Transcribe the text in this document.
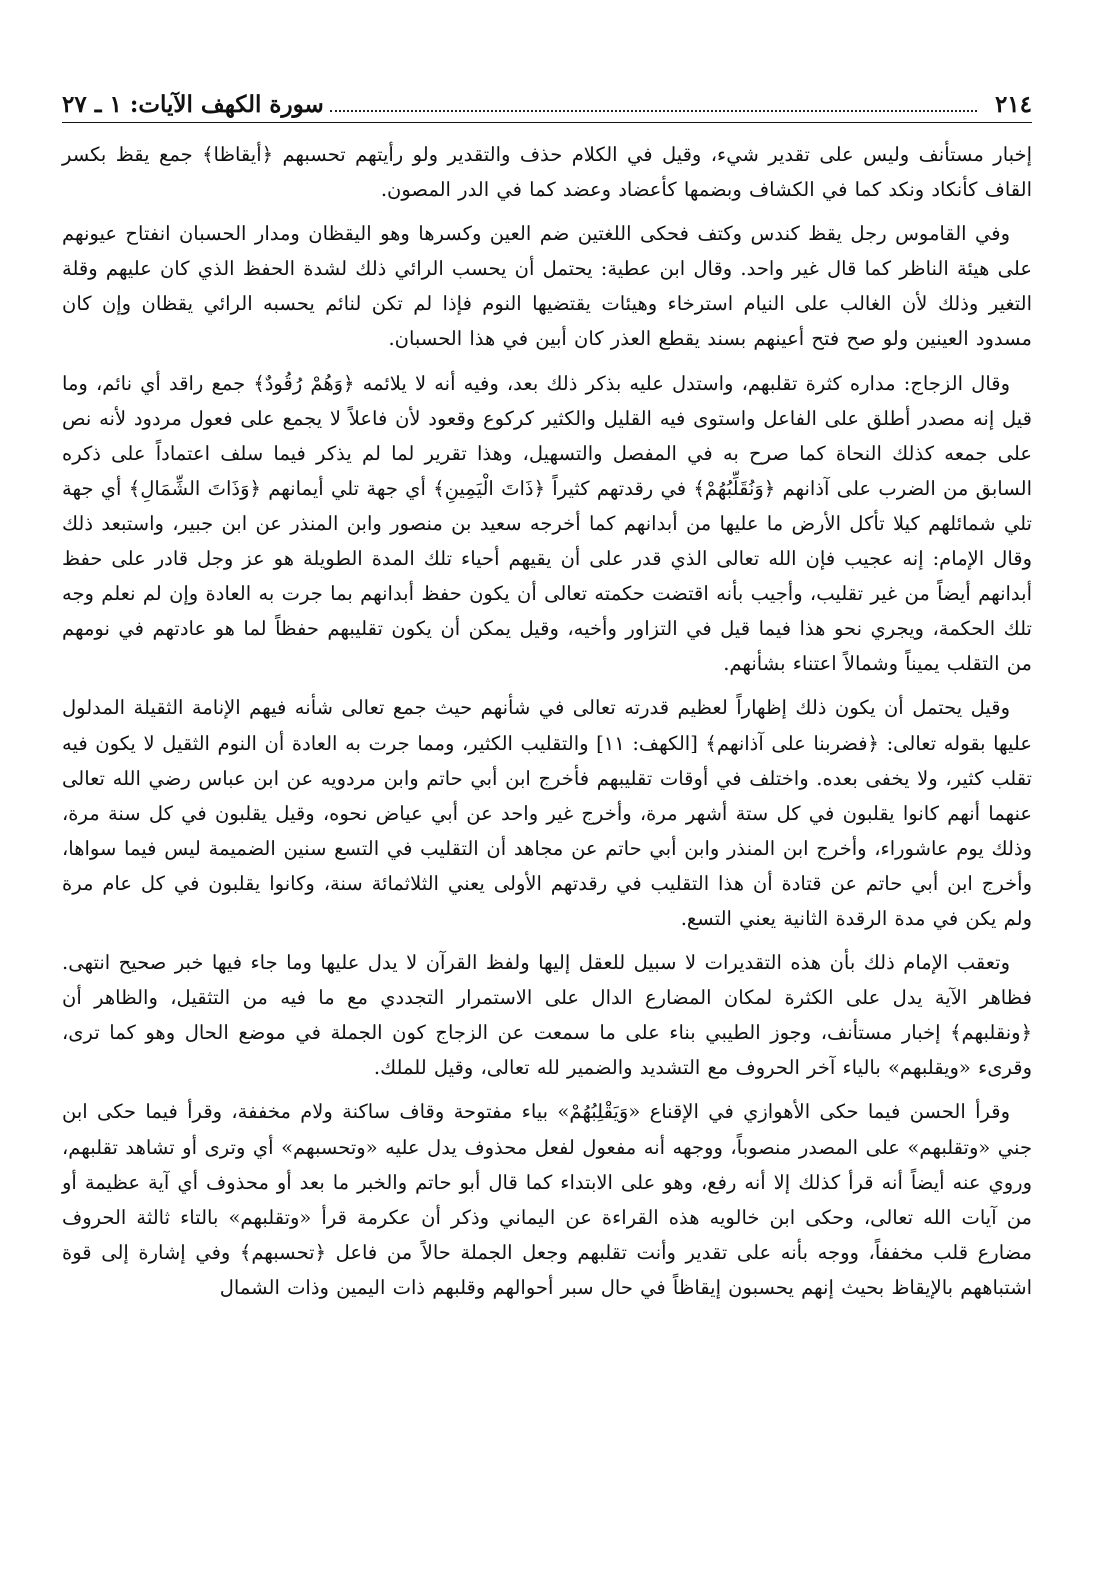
٢١٤
سورة الكهف الآيات: ١ ـ ٢٧

إخبار مستأنف وليس على تقدير شيء، وقيل في الكلام حذف والتقدير ولو رأيتهم تحسبهم ﴿أيقاظا﴾ جمع يقظ بكسر القاف كأنكاد ونكد كما في الكشاف وبضمها كأعضاد وعضد كما في الدر المصون.

وفي القاموس رجل يقظ كندس وكتف فحكى اللغتين ضم العين وكسرها وهو اليقظان ومدار الحسبان انفتاح عيونهم على هيئة الناظر كما قال غير واحد. وقال ابن عطية: يحتمل أن يحسب الرائي ذلك لشدة الحفظ الذي كان عليهم وقلة التغير وذلك لأن الغالب على النيام استرخاء وهيئات يقتضيها النوم فإذا لم تكن لنائم يحسبه الرائي يقظان وإن كان مسدود العينين ولو صح فتح أعينهم بسند يقطع العذر كان أبين في هذا الحسبان.

وقال الزجاج: مداره كثرة تقلبهم، واستدل عليه بذكر ذلك بعد، وفيه أنه لا يلائمه ﴿وَهُمْ رُقُودٌ﴾ جمع راقد أي نائم، وما قيل إنه مصدر أطلق على الفاعل واستوى فيه القليل والكثير كركوع وقعود لأن فاعلاً لا يجمع على فعول مردود لأنه نص على جمعه كذلك النحاة كما صرح به في المفصل والتسهيل، وهذا تقرير لما لم يذكر فيما سلف اعتماداً على ذكره السابق من الضرب على آذانهم ﴿وَنُقَلِّبُهُمْ﴾ في رقدتهم كثيراً ﴿ذَاتَ الْيَمِينِ﴾ أي جهة تلي أيمانهم ﴿وَذَاتَ الشِّمَالِ﴾ أي جهة تلي شمائلهم كيلا تأكل الأرض ما عليها من أبدانهم كما أخرجه سعيد بن منصور وابن المنذر عن ابن جبير، واستبعد ذلك وقال الإمام: إنه عجيب فإن الله تعالى الذي قدر على أن يقيهم أحياء تلك المدة الطويلة هو عز وجل قادر على حفظ أبدانهم أيضاً من غير تقليب، وأجيب بأنه اقتضت حكمته تعالى أن يكون حفظ أبدانهم بما جرت به العادة وإن لم نعلم وجه تلك الحكمة، ويجري نحو هذا فيما قيل في التزاور وأخيه، وقيل يمكن أن يكون تقليبهم حفظاً لما هو عادتهم في نومهم من التقلب يميناً وشمالاً اعتناء بشأنهم.

وقيل يحتمل أن يكون ذلك إظهاراً لعظيم قدرته تعالى في شأنهم حيث جمع تعالى شأنه فيهم الإنامة الثقيلة المدلول عليها بقوله تعالى: ﴿فضربنا على آذانهم﴾ [الكهف: ١١] والتقليب الكثير، ومما جرت به العادة أن النوم الثقيل لا يكون فيه تقلب كثير، ولا يخفى بعده. واختلف في أوقات تقليبهم فأخرج ابن أبي حاتم وابن مردويه عن ابن عباس رضي الله تعالى عنهما أنهم كانوا يقلبون في كل ستة أشهر مرة، وأخرج غير واحد عن أبي عياض نحوه، وقيل يقلبون في كل سنة مرة، وذلك يوم عاشوراء، وأخرج ابن المنذر وابن أبي حاتم عن مجاهد أن التقليب في التسع سنين الضميمة ليس فيما سواها، وأخرج ابن أبي حاتم عن قتادة أن هذا التقليب في رقدتهم الأولى يعني الثلاثمائة سنة، وكانوا يقلبون في كل عام مرة ولم يكن في مدة الرقدة الثانية يعني التسع.

وتعقب الإمام ذلك بأن هذه التقديرات لا سبيل للعقل إليها ولفظ القرآن لا يدل عليها وما جاء فيها خبر صحيح انتهى. فظاهر الآية يدل على الكثرة لمكان المضارع الدال على الاستمرار التجددي مع ما فيه من التثقيل، والظاهر أن ﴿ونقلبهم﴾ إخبار مستأنف، وجوز الطيبي بناء على ما سمعت عن الزجاج كون الجملة في موضع الحال وهو كما ترى، وقرىء «ويقلبهم» بالياء آخر الحروف مع التشديد والضمير لله تعالى، وقيل للملك.

وقرأ الحسن فيما حكى الأهوازي في الإقناع «وَيَقْلِبُهُمْ» بياء مفتوحة وقاف ساكنة ولام مخففة، وقرأ فيما حكى ابن جني «وتقلبهم» على المصدر منصوباً، ووجهه أنه مفعول لفعل محذوف يدل عليه «وتحسبهم» أي وترى أو تشاهد تقلبهم، وروي عنه أيضاً أنه قرأ كذلك إلا أنه رفع، وهو على الابتداء كما قال أبو حاتم والخبر ما بعد أو محذوف أي آية عظيمة أو من آيات الله تعالى، وحكى ابن خالويه هذه القراءة عن اليماني وذكر أن عكرمة قرأ «وتقلبهم» بالتاء ثالثة الحروف مضارع قلب مخففاً، ووجه بأنه على تقدير وأنت تقلبهم وجعل الجملة حالاً من فاعل ﴿تحسبهم﴾ وفي إشارة إلى قوة اشتباههم بالإيقاظ بحيث إنهم يحسبون إيقاظاً في حال سبر أحوالهم وقلبهم ذات اليمين وذات الشمال
